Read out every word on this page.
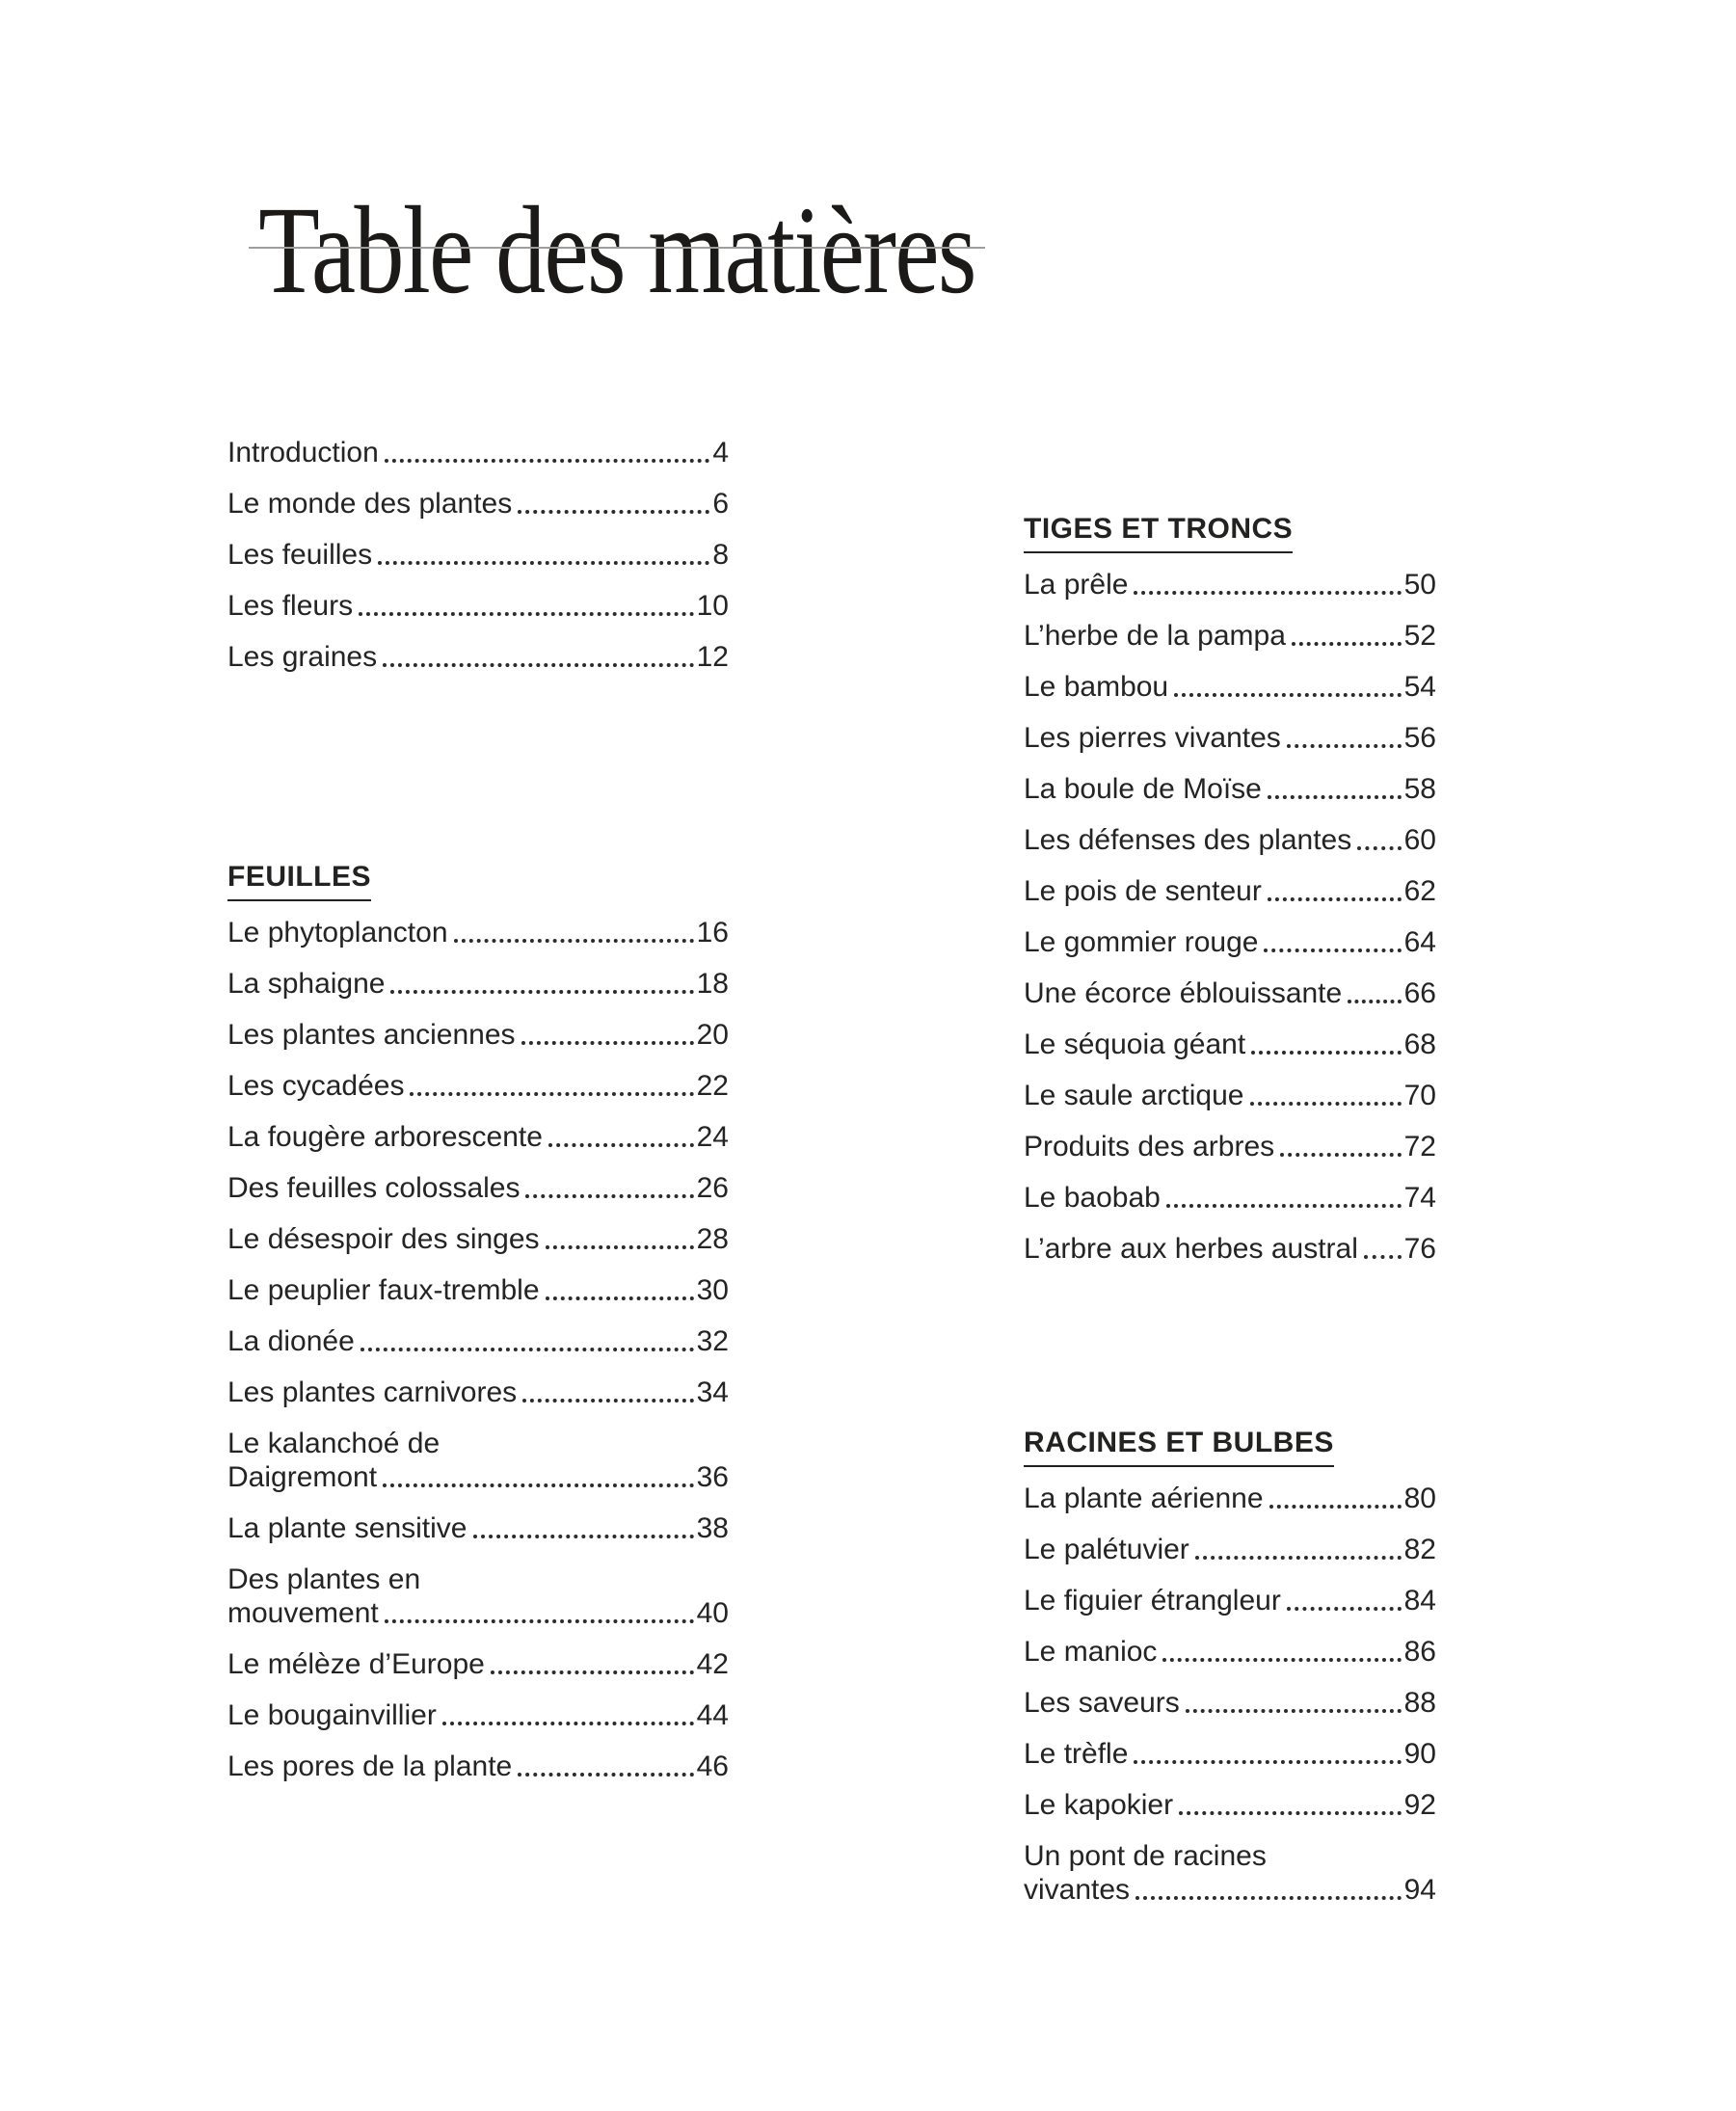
Table des matières
Introduction	4
Le monde des plantes	6
Les feuilles	8
Les fleurs	10
Les graines	12
FEUILLES
Le phytoplancton	16
La sphaigne	18
Les plantes anciennes	20
Les cycadées	22
La fougère arborescente	24
Des feuilles colossales	26
Le désespoir des singes	28
Le peuplier faux-tremble	30
La dionée	32
Les plantes carnivores	34
Le kalanchoé de
Daigremont	36
La plante sensitive	38
Des plantes en
mouvement	40
Le mélèze d’Europe	42
Le bougainvillier	44
Les pores de la plante	46
TIGES ET TRONCS
La prêle	50
L’herbe de la pampa	52
Le bambou	54
Les pierres vivantes	56
La boule de Moïse	58
Les défenses des plantes 60
Le pois de senteur	62
Le gommier rouge	64
Une écorce éblouissante 66
Le séquoia géant	68
Le saule arctique	70
Produits des arbres	72
Le baobab	74
L’arbre aux herbes austral 76
RACINES ET BULBES
La plante aérienne	80
Le palétuvier	82
Le figuier étrangleur	84
Le manioc	86
Les saveurs	88
Le trèfle	90
Le kapokier	92
Un pont de racines
vivantes	94
